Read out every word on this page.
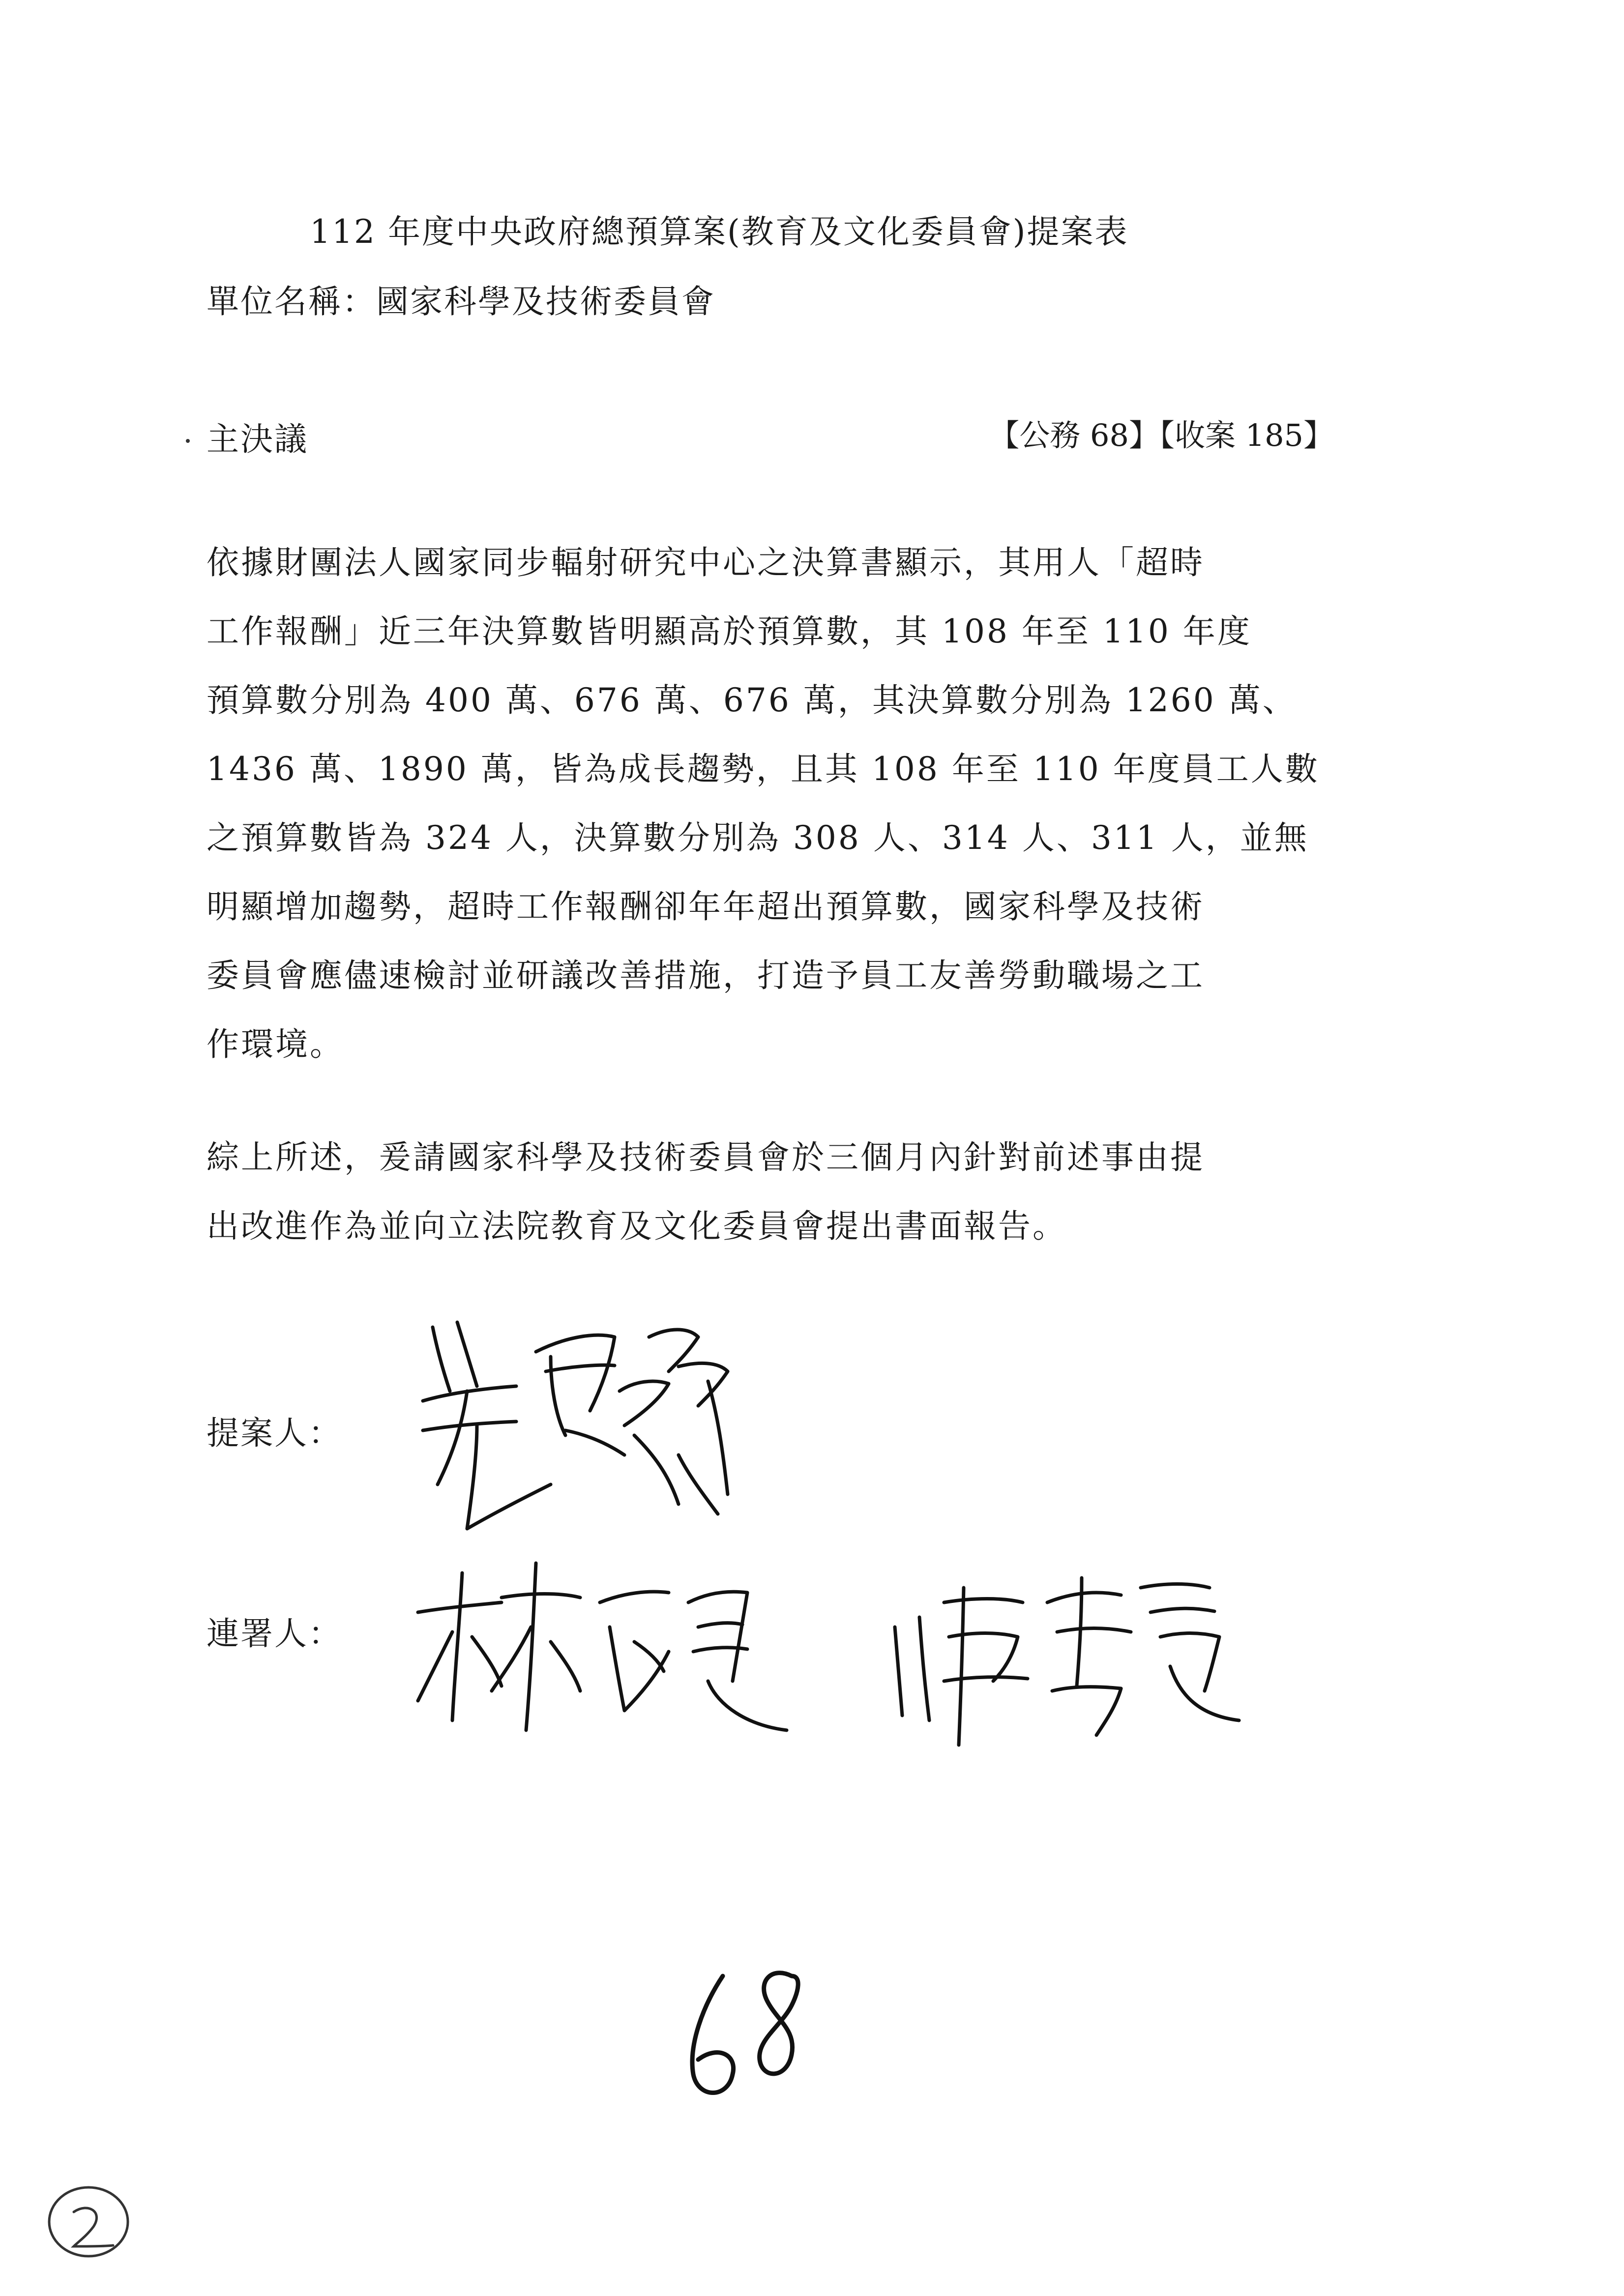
112 年度中央政府總預算案(教育及文化委員會)提案表
單位名稱：國家科學及技術委員會
主決議	【公務 68】【收案 185】
依據財團法人國家同步輻射研究中心之決算書顯示，其用人「超時
工作報酬」近三年決算數皆明顯高於預算數，其 108 年至 110 年度
預算數分別為 400 萬、676 萬、676 萬，其決算數分別為 1260 萬、
1436 萬、1890 萬，皆為成長趨勢，且其 108 年至 110 年度員工人數
之預算數皆為 324 人，決算數分別為 308 人、314 人、311 人，並無
明顯增加趨勢，超時工作報酬卻年年超出預算數，國家科學及技術
委員會應儘速檢討並研議改善措施，打造予員工友善勞動職場之工
作環境。
綜上所述，爰請國家科學及技術委員會於三個月內針對前述事由提
出改進作為並向立法院教育及文化委員會提出書面報告。
提案人：
連署人：
